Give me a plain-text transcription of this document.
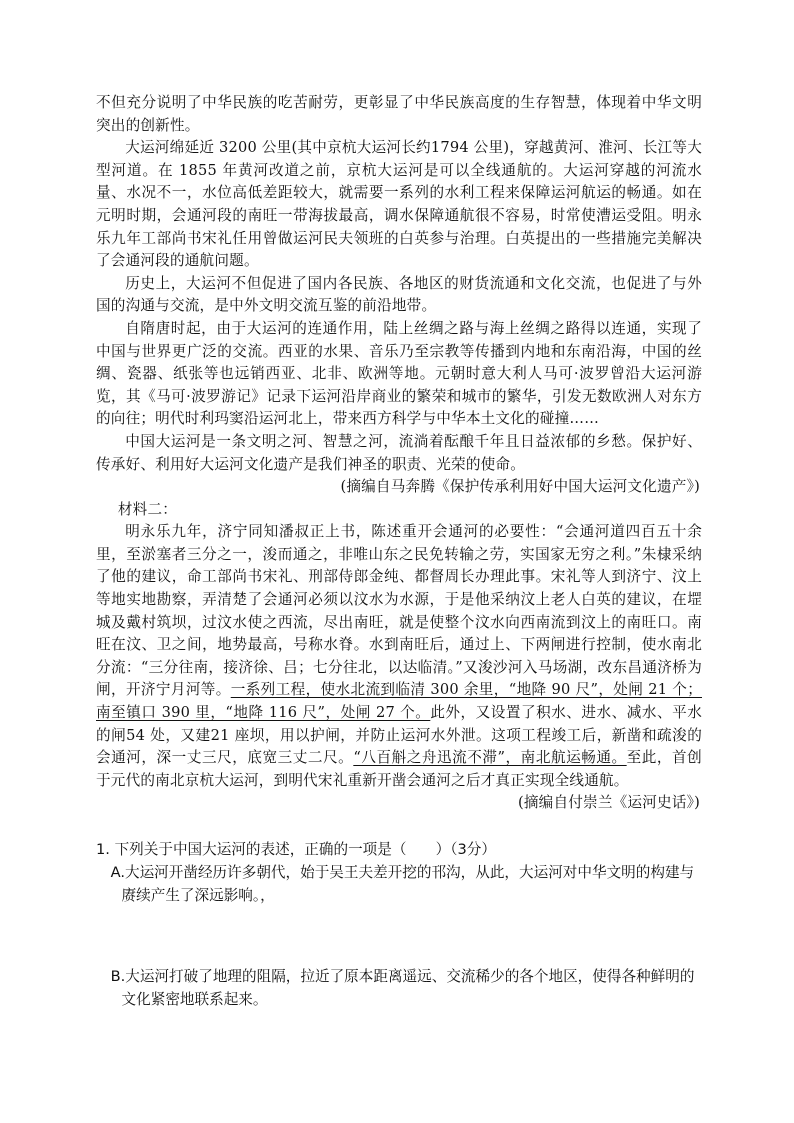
不但充分说明了中华民族的吃苦耐劳，更彰显了中华民族高度的生存智慧，体现着中华文明突出的创新性。

大运河绵延近 3200 公里(其中京杭大运河长约1794 公里)，穿越黄河、淮河、长江等大型河道。在 1855 年黄河改道之前，京杭大运河是可以全线通航的。大运河穿越的河流水量、水况不一，水位高低差距较大，就需要一系列的水利工程来保障运河航运的畅通。如在元明时期，会通河段的南旺一带海拔最高，调水保障通航很不容易，时常使漕运受阻。明永乐九年工部尚书宋礼任用曾做运河民夫领班的白英参与治理。白英提出的一些措施完美解决了会通河段的通航问题。

历史上，大运河不但促进了国内各民族、各地区的财货流通和文化交流，也促进了与外国的沟通与交流，是中外文明交流互鉴的前沿地带。

自隋唐时起，由于大运河的连通作用，陆上丝绸之路与海上丝绸之路得以连通，实现了中国与世界更广泛的交流。西亚的水果、音乐乃至宗教等传播到内地和东南沿海，中国的丝绸、瓷器、纸张等也远销西亚、北非、欧洲等地。元朝时意大利人马可·波罗曾沿大运河游览，其《马可·波罗游记》记录下运河沿岸商业的繁荣和城市的繁华，引发无数欧洲人对东方的向往；明代时利玛窦沿运河北上，带来西方科学与中华本土文化的碰撞……

中国大运河是一条文明之河、智慧之河，流淌着酝酿千年且日益浓郁的乡愁。保护好、传承好、利用好大运河文化遗产是我们神圣的职责、光荣的使命。

(摘编自马奔腾《保护传承利用好中国大运河文化遗产》)

材料二：

明永乐九年，济宁同知潘叔正上书，陈述重开会通河的必要性：“会通河道四百五十余里，至淤塞者三分之一，浚而通之，非唯山东之民免转输之劳，实国家无穷之利。”朱棣采纳了他的建议，命工部尚书宋礼、刑部侍郎金纯、都督周长办理此事。宋礼等人到济宁、汶上等地实地勘察，弄清楚了会通河必须以汶水为水源，于是他采纳汶上老人白英的建议，在堽城及戴村筑坝，过汶水使之西流，尽出南旺，就是使整个汶水向西南流到汶上的南旺口。南旺在汶、卫之间，地势最高，号称水脊。水到南旺后，通过上、下两闸进行控制，使水南北分流：“三分往南，接济徐、吕；七分往北，以达临清。”又浚沙河入马场湖，改东昌通济桥为闸，开济宁月河等。一系列工程，使水北流到临清 300 余里，“地降 90 尺”，处闸 21 个；南至镇口 390 里，“地降 116 尺”，处闸 27 个。此外，又设置了积水、进水、减水、平水的闸54 处，又建21 座坝，用以护闸，并防止运河水外泄。这项工程竣工后，新凿和疏浚的会通河，深一丈三尺，底宽三丈二尺。“八百斛之舟迅流不滞”，南北航运畅通。至此，首创于元代的南北京杭大运河，到明代宋礼重新开凿会通河之后才真正实现全线通航。

(摘编自付崇兰《运河史话》)

1. 下列关于中国大运河的表述，正确的一项是（　　）（3分）

A.大运河开凿经历许多朝代，始于吴王夫差开挖的邗沟，从此，大运河对中华文明的构建与赓续产生了深远影响。，

B.大运河打破了地理的阻隔，拉近了原本距离遥远、交流稀少的各个地区，使得各种鲜明的文化紧密地联系起来。
